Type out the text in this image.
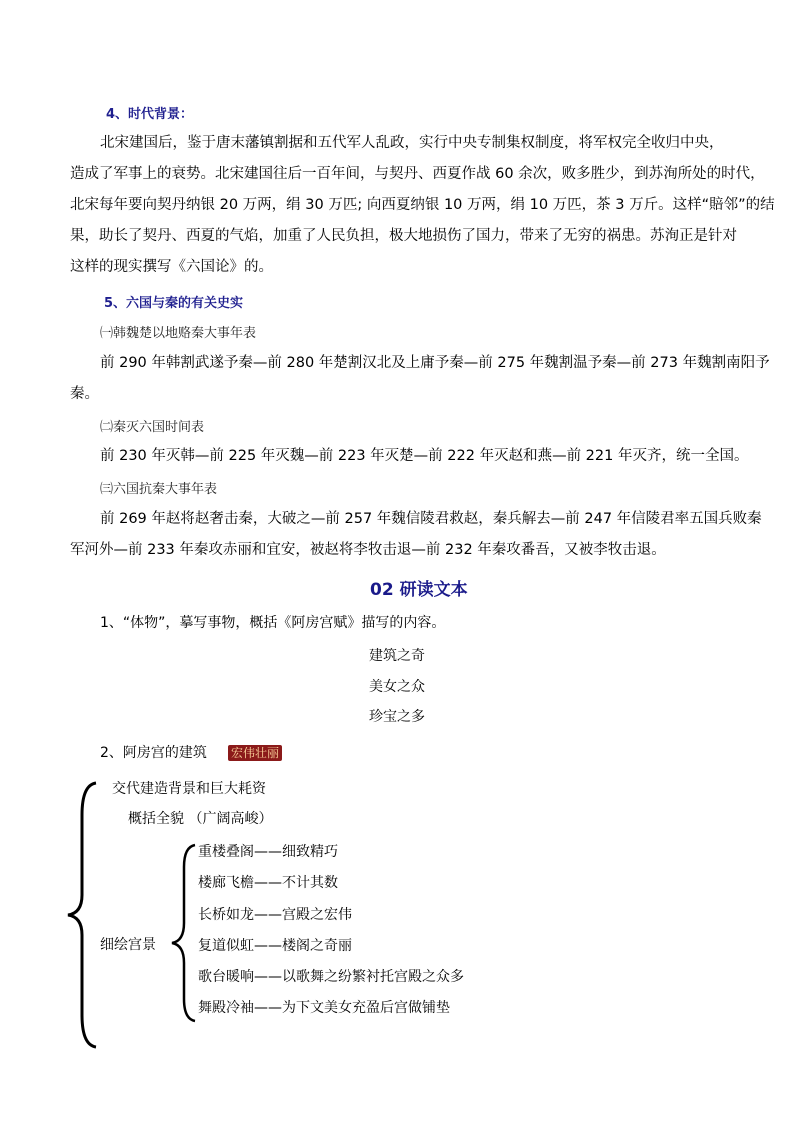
4、时代背景：
北宋建国后，鉴于唐末藩镇割据和五代军人乱政，实行中央专制集权制度，将军权完全收归中央，
造成了军事上的衰势。北宋建国往后一百年间，与契丹、西夏作战 60 余次，败多胜少，到苏洵所处的时代，
北宋每年要向契丹纳银 20 万两，绢 30 万匹; 向西夏纳银 10 万两，绢 10 万匹，茶 3 万斤。这样“賠邻”的结
果，助长了契丹、西夏的气焰，加重了人民负担，极大地损伤了国力，带来了无穷的祸患。苏洵正是针对
这样的现实撰写《六国论》的。
5、六国与秦的有关史实
㈠韩魏楚以地赂秦大事年表
前 290 年韩割武遂予秦—前 280 年楚割汉北及上庸予秦—前 275 年魏割温予秦—前 273 年魏割南阳予
秦。
㈡秦灭六国时间表
前 230 年灭韩—前 225 年灭魏—前 223 年灭楚—前 222 年灭赵和燕—前 221 年灭齐，统一全国。
㈢六国抗秦大事年表
前 269 年赵将赵奢击秦，大破之—前 257 年魏信陵君救赵，秦兵解去—前 247 年信陵君率五国兵败秦
军河外—前 233 年秦攻赤丽和宜安，被赵将李牧击退—前 232 年秦攻番吾，又被李牧击退。
02 研读文本
1、“体物”，摹写事物，概括《阿房宫赋》描写的内容。
建筑之奇
美女之众
珍宝之多
2、阿房宫的建筑 宏伟壮丽
交代建造背景和巨大耗资
概括全貌 （广阔高峻）
细绘宫景
重楼叠阁——细致精巧
楼廊飞檐——不计其数
长桥如龙——宫殿之宏伟
复道似虹——楼阁之奇丽
歌台暖响——以歌舞之纷繁衬托宫殿之众多
舞殿冷袖——为下文美女充盈后宫做铺垫
